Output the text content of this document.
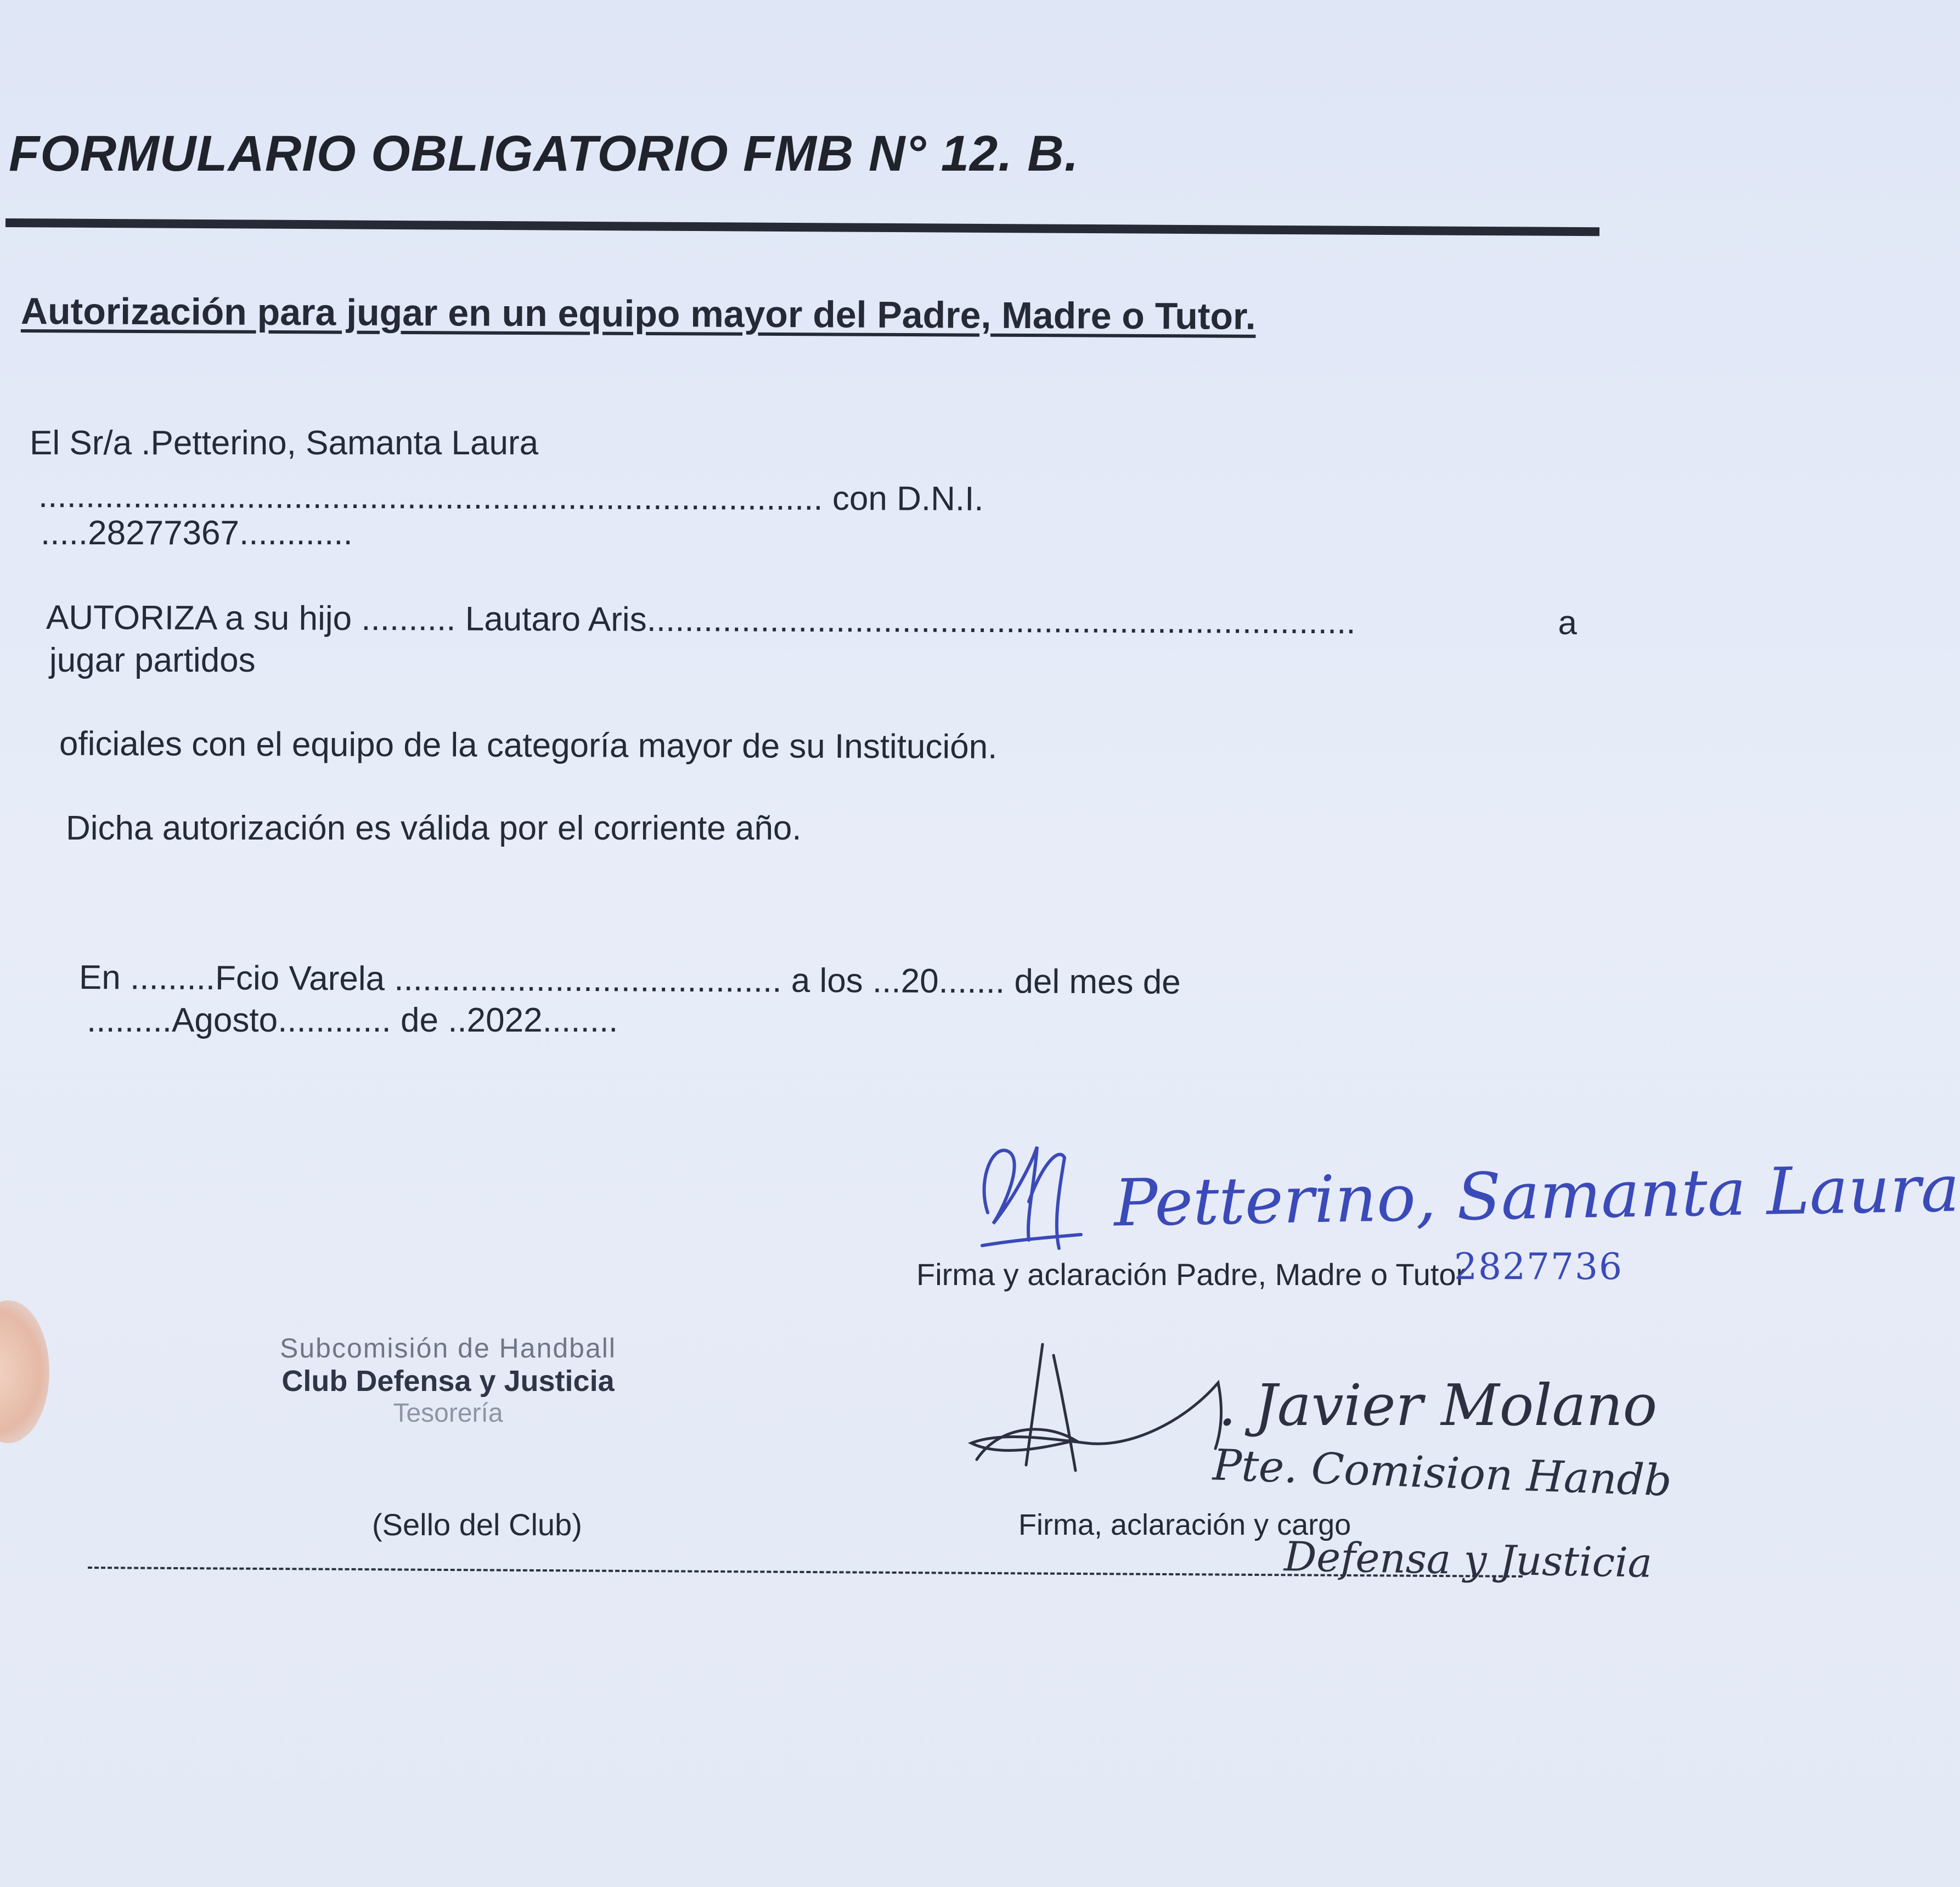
FORMULARIO OBLIGATORIO FMB N° 12. B.
Autorización para jugar en un equipo mayor del Padre, Madre o Tutor.
El Sr/a .Petterino, Samanta Laura
................................................................................... con D.N.I.
.....28277367............
AUTORIZA a su hijo .......... Lautaro Aris...........................................................................	a
jugar partidos
oficiales con el equipo de la categoría mayor de su Institución.
Dicha autorización es válida por el corriente año.
En .........Fcio Varela ......................................... a los ...20....... del mes de
.........Agosto............ de ..2022........
Petterino, Samanta Laura
Firma y aclaración Padre, Madre o Tutor
2827736
Subcomisión de Handball
Club Defensa y Justicia
Tesorería
(Sello del Club)
. Javier Molano
Pte. Comision Handb
Firma, aclaración y cargo
Defensa y Justicia
